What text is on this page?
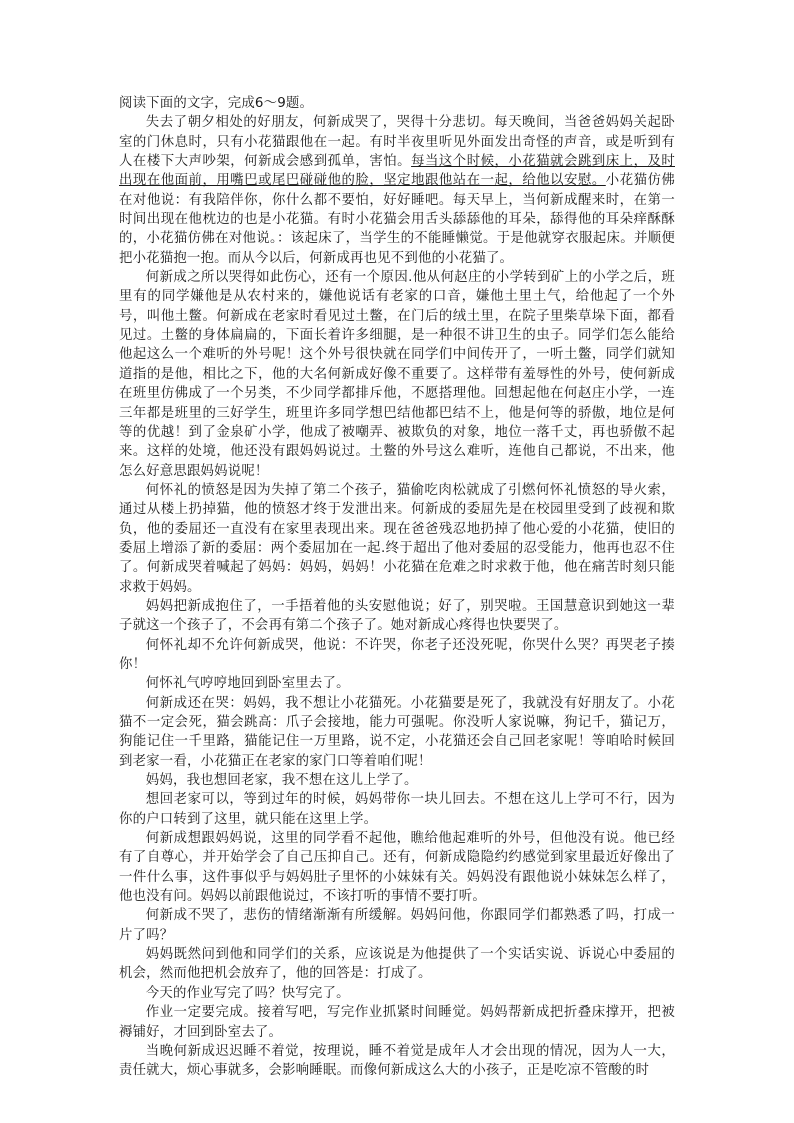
阅读下面的文字，完成6～9题。

失去了朝夕相处的好朋友，何新成哭了，哭得十分悲切。每天晚间，当爸爸妈妈关起卧室的门休息时，只有小花猫跟他在一起。有时半夜里听见外面发出奇怪的声音，或是听到有人在楼下大声吵架，何新成会感到孤单，害怕。每当这个时候，小花猫就会跳到床上，及时出现在他面前，用嘴巴或尾巴碰碰他的脸，坚定地跟他站在一起，给他以安慰。小花猫仿佛在对他说：有我陪伴你，你什么都不要怕，好好睡吧。每天早上，当何新成醒来时，在第一时间出现在他枕边的也是小花猫。有时小花猫会用舌头舔舔他的耳朵，舔得他的耳朵痒酥酥的，小花猫仿佛在对他说。：该起床了，当学生的不能睡懒觉。于是他就穿衣服起床。并顺便把小花猫抱一抱。而从今以后，何新成再也见不到他的小花猫了。

何新成之所以哭得如此伤心，还有一个原因.他从何赵庄的小学转到矿上的小学之后，班里有的同学嫌他是从农村来的，嫌他说话有老家的口音，嫌他土里土气，给他起了一个外号，叫他土鳖。何新成在老家时看见过土鳖，在门后的绒土里，在院子里柴草垛下面，都看见过。土鳖的身体扁扁的，下面长着许多细腿，是一种很不讲卫生的虫子。同学们怎么能给他起这么一个难听的外号呢！这个外号很快就在同学们中间传开了，一听土鳖，同学们就知道指的是他，相比之下，他的大名何新成好像不重要了。这样带有羞辱性的外号，使何新成在班里仿佛成了一个另类，不少同学都排斥他，不愿搭理他。回想起他在何赵庄小学，一连三年都是班里的三好学生，班里许多同学想巴结他都巴结不上，他是何等的骄傲，地位是何等的优越！到了金泉矿小学，他成了被嘲弄、被欺负的对象，地位一落千丈，再也骄傲不起来。这样的处境，他还没有跟妈妈说过。土鳖的外号这么难听，连他自己都说，不出来，他怎么好意思跟妈妈说呢！

何怀礼的愤怒是因为失掉了第二个孩子，猫偷吃肉松就成了引燃何怀礼愤怒的导火索，通过从楼上扔掉猫，他的愤怒才终于发泄出来。何新成的委屈先是在校园里受到了歧视和欺负，他的委屈还一直没有在家里表现出来。现在爸爸残忍地扔掉了他心爱的小花猫，使旧的委屈上增添了新的委屈：两个委屈加在一起.终于超出了他对委屈的忍受能力，他再也忍不住了。何新成哭着喊起了妈妈：妈妈，妈妈！小花猫在危难之时求救于他，他在痛苦时刻只能求救于妈妈。

妈妈把新成抱住了，一手捂着他的头安慰他说；好了，别哭啦。王国慧意识到她这一辈子就这一个孩子了，不会再有第二个孩子了。她对新成心疼得也快要哭了。

何怀礼却不允许何新成哭，他说：不许哭，你老子还没死呢，你哭什么哭？再哭老子揍你！

何怀礼气哼哼地回到卧室里去了。

何新成还在哭：妈妈，我不想让小花猫死。小花猫要是死了，我就没有好朋友了。小花猫不一定会死，猫会跳高：爪子会接地，能力可强呢。你没听人家说嘛，狗记千，猫记万，狗能记住一千里路，猫能记住一万里路，说不定，小花猫还会自己回老家呢！等咱哈时候回到老家一看，小花猫正在老家的家门口等着咱们呢！

妈妈，我也想回老家，我不想在这儿上学了。

想回老家可以，等到过年的时候，妈妈带你一块儿回去。不想在这儿上学可不行，因为你的户口转到了这里，就只能在这里上学。

何新成想跟妈妈说，这里的同学看不起他，瞧给他起难听的外号，但他没有说。他已经有了自尊心，并开始学会了自己压抑自己。还有，何新成隐隐约约感觉到家里最近好像出了一件什么事，这件事似乎与妈妈肚子里怀的小妹妹有关。妈妈没有跟他说小妹妹怎么样了，他也没有问。妈妈以前跟他说过，不该打听的事情不要打听。

何新成不哭了，悲伤的情绪渐渐有所缓解。妈妈问他，你跟同学们都熟悉了吗，打成一片了吗？

妈妈既然问到他和同学们的关系，应该说是为他提供了一个实话实说、诉说心中委屈的机会，然而他把机会放弃了，他的回答是：打成了。

今天的作业写完了吗？快写完了。

作业一定要完成。接着写吧，写完作业抓紧时间睡觉。妈妈帮新成把折叠床撑开，把被褥铺好，才回到卧室去了。

当晚何新成迟迟睡不着觉，按理说，睡不着觉是成年人才会出现的情况，因为人一大，责任就大，烦心事就多，会影响睡眠。而像何新成这么大的小孩子，正是吃凉不管酸的时
